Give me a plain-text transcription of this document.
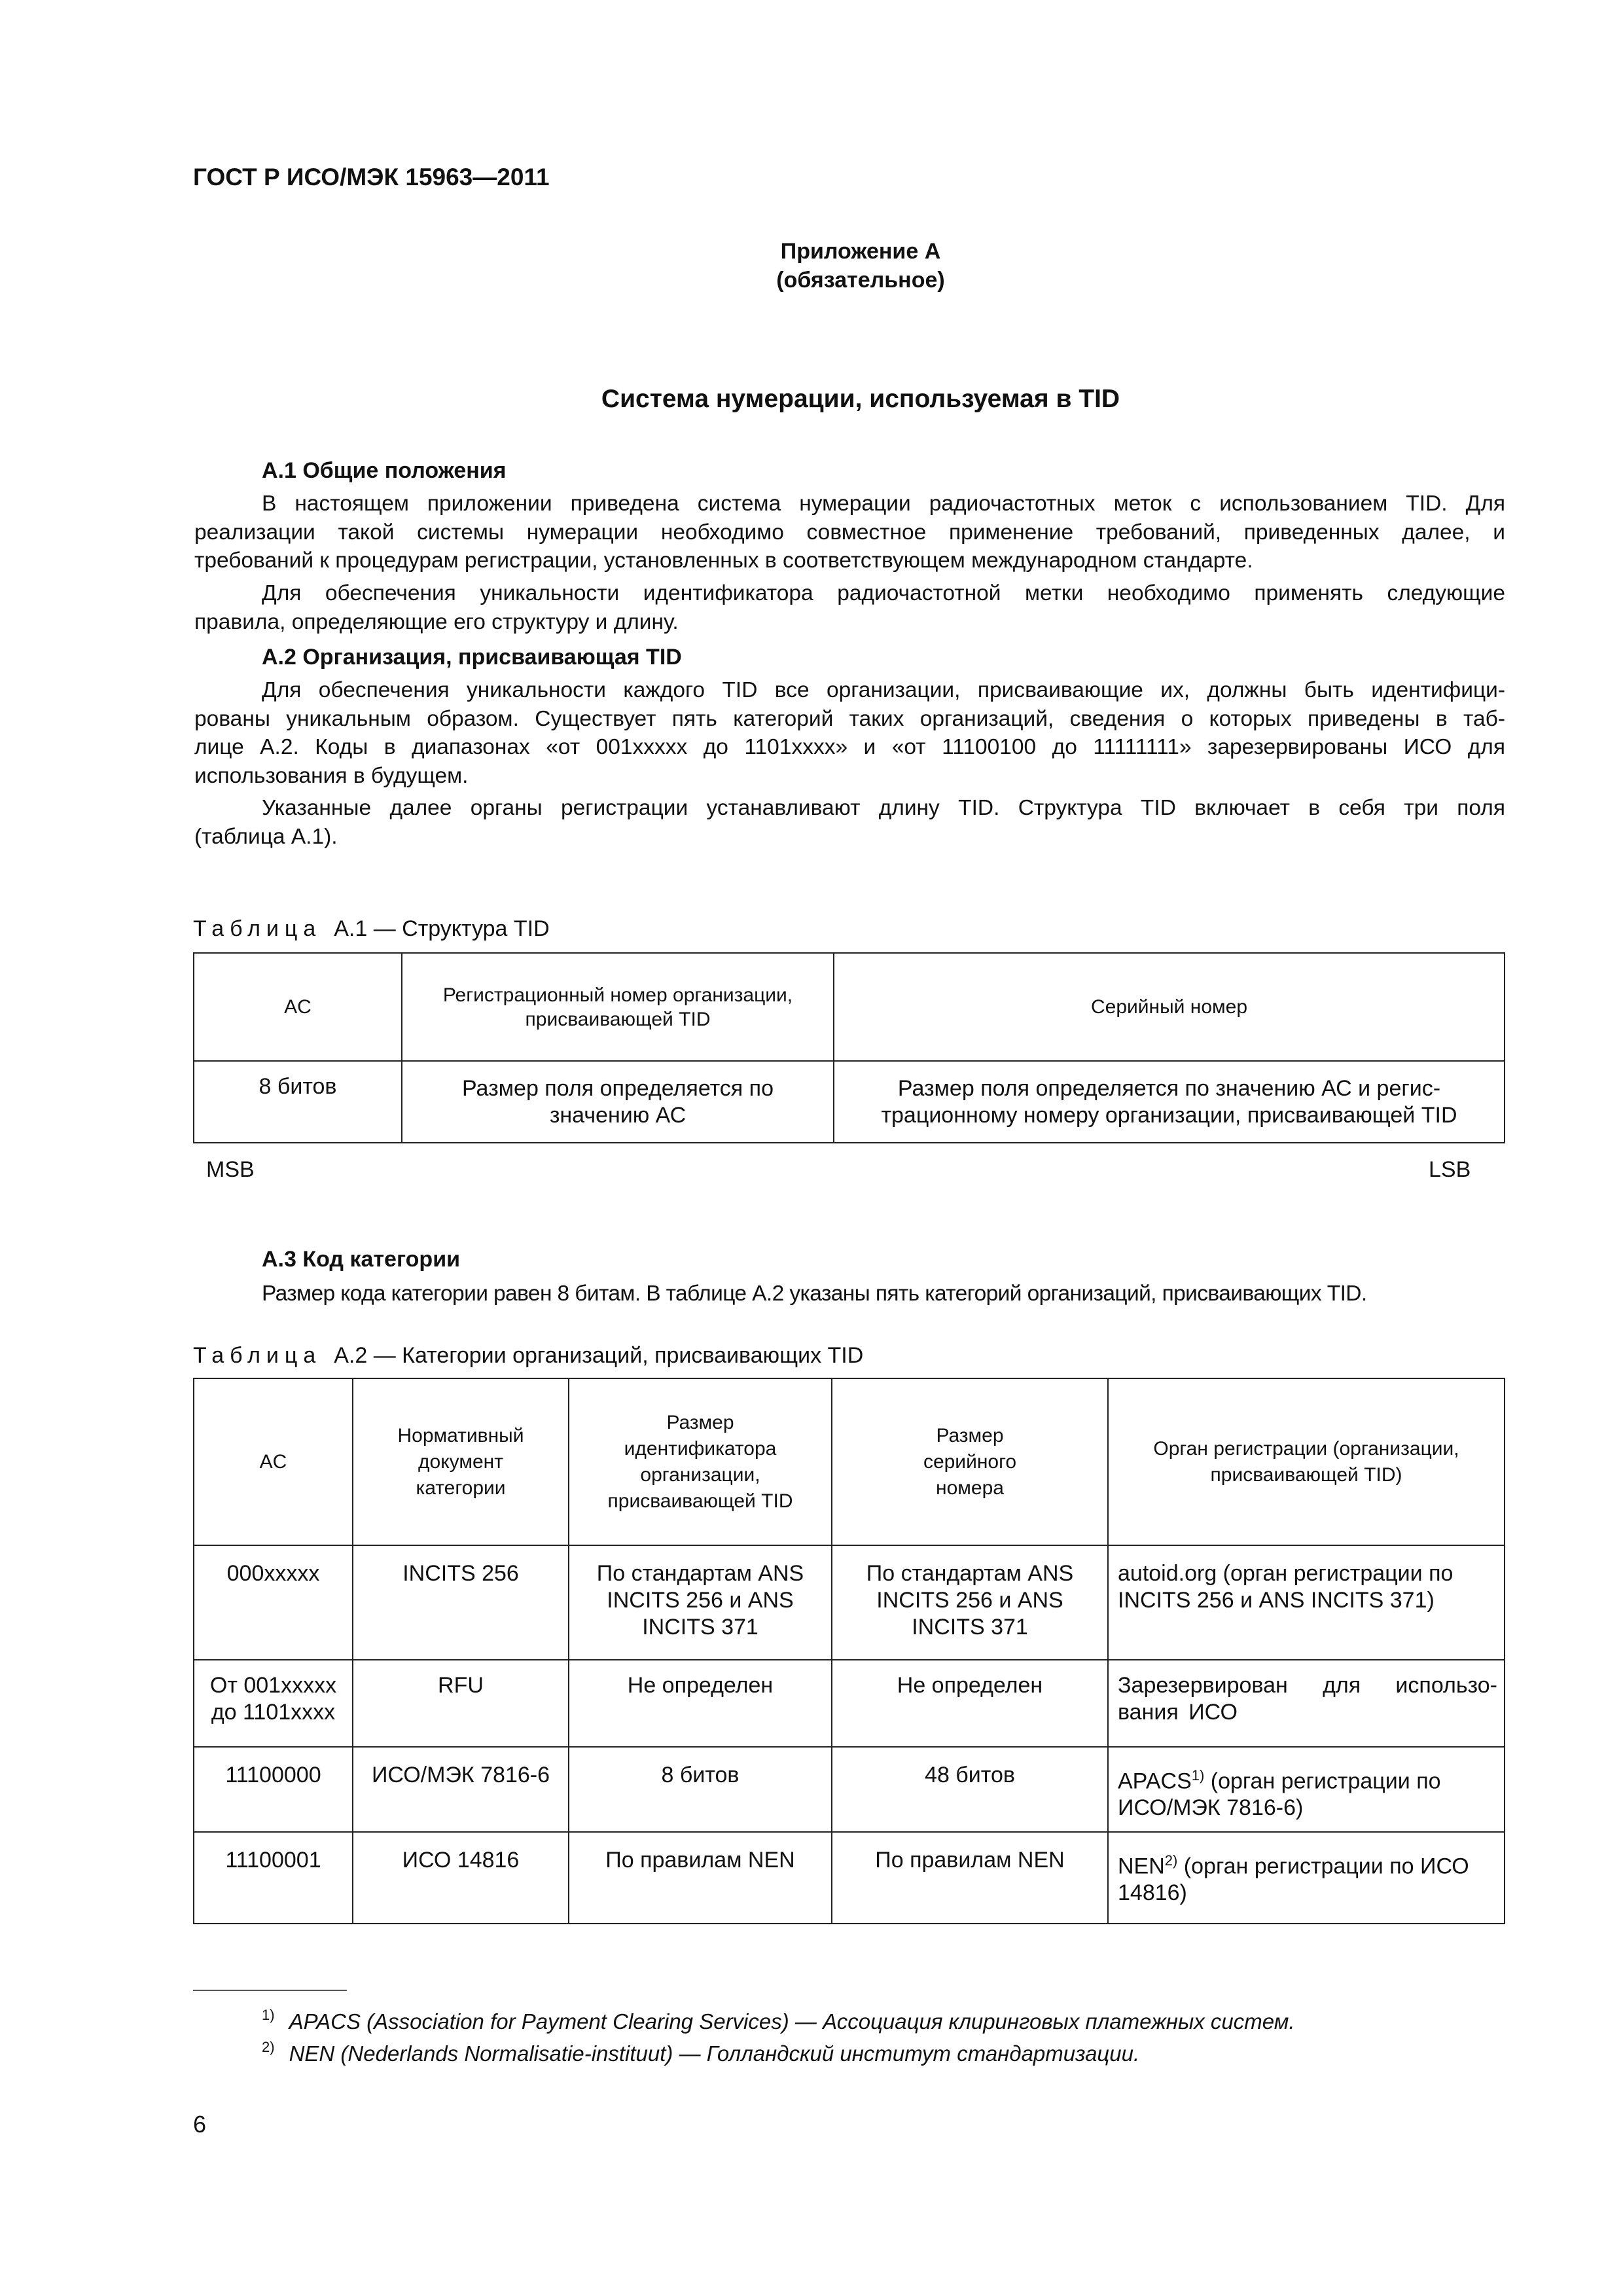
ГОСТ Р ИСО/МЭК 15963—2011
Приложение А
(обязательное)
Система нумерации, используемая в TID
А.1 Общие положения
В настоящем приложении приведена система нумерации радиочастотных меток с использованием TID. Для
реализации такой системы нумерации необходимо совместное применение требований, приведенных далее, и
требований к процедурам регистрации, установленных в соответствующем международном стандарте.
Для обеспечения уникальности идентификатора радиочастотной метки необходимо применять следующие
правила, определяющие его структуру и длину.
А.2 Организация, присваивающая TID
Для обеспечения уникальности каждого TID все организации, присваивающие их, должны быть идентифици-
рованы уникальным образом. Существует пять категорий таких организаций, сведения о которых приведены в таб-
лице А.2. Коды в диапазонах «от 001xxxxx до 1101xxxx» и «от 11100100 до 11111111» зарезервированы ИСО для
использования в будущем.
Указанные далее органы регистрации устанавливают длину TID. Структура TID включает в себя три поля
(таблица А.1).
Таблица А.1 — Структура TID
AC	Регистрационный номер организации, присваивающей TID	Серийный номер
8 битов	Размер поля определяется по значению АС	Размер поля определяется по значению АС и регис- трационному номеру организации, присваивающей TID
MSB	LSB
А.3 Код категории
Размер кода категории равен 8 битам. В таблице А.2 указаны пять категорий организаций, присваивающих TID.
Таблица А.2 — Категории организаций, присваивающих TID
AC	Нормативный документ категории	Размер идентификатора организации, присваивающей TID	Размер серийного номера	Орган регистрации (организации, присваивающей TID)
000xxxxx	INCITS 256	По стандартам ANS INCITS 256 и ANS INCITS 371	По стандартам ANS INCITS 256 и ANS INCITS 371	autoid.org (орган регистрации по INCITS 256 и ANS INCITS 371)
От 001xxxxx до 1101xxxx	RFU	Не определен	Не определен	Зарезервирован для использо- вания ИСО
11100000	ИСО/МЭК 7816-6	8 битов	48 битов	APACS$^{1)}$ (орган регистрации по ИСО/МЭК 7816-6)
11100001	ИСО 14816	По правилам NEN	По правилам NEN	NEN$^{2)}$ (орган регистрации по ИСО 14816)
$^{1)}$ APACS (Association for Payment Clearing Services) — Ассоциация клиринговых платежных систем.
$^{2)}$ NEN (Nederlands Normalisatie-instituut) — Голландский институт стандартизации.
6
